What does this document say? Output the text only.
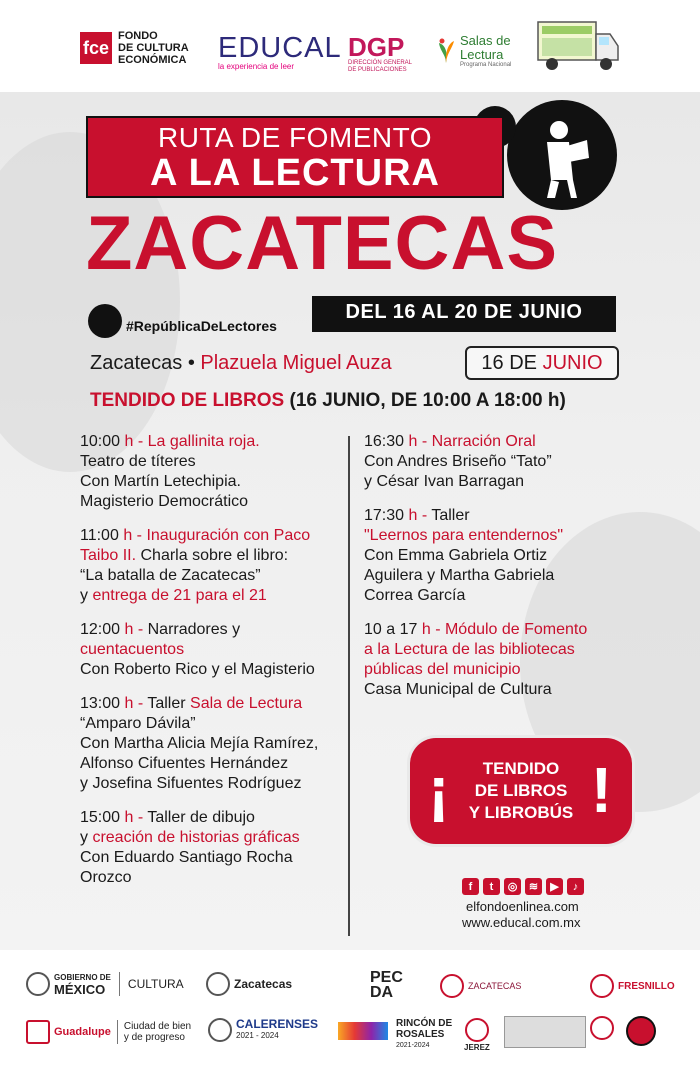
fce
FONDO
DE CULTURA
ECONÓMICA EDUCAL
la experiencia de leer
DGP
DIRECCIÓN GENERAL DE PUBLICACIONES
Salas de
Lectura
Programa Nacional
RUTA DE FOMENTO
A LA LECTURA
ZACATECAS
#RepúblicaDeLectores
DEL 16 AL 20 DE JUNIO
Zacatecas • Plazuela Miguel Auza	16 DE JUNIO
TENDIDO DE LIBROS (16 JUNIO, DE 10:00 A 18:00 h)
10:00 h - La gallinita roja.
Teatro de títeres
Con Martín Letechipia.
Magisterio Democrático
11:00 h - Inauguración con Paco Taibo II. Charla sobre el libro:
“La batalla de Zacatecas”
y entrega de 21 para el 21
12:00 h - Narradores y
cuentacuentos
Con Roberto Rico y el Magisterio
13:00 h - Taller Sala de Lectura
“Amparo Dávila”
Con Martha Alicia Mejía Ramírez,
Alfonso Cifuentes Hernández
y Josefina Sifuentes Rodríguez
15:00 h - Taller de dibujo
y creación de historias gráficas
Con Eduardo Santiago Rocha
Orozco
16:30 h - Narración Oral
Con Andres Briseño “Tato”
y César Ivan Barragan
17:30 h - Taller
"Leernos para entendernos"
Con Emma Gabriela Ortiz
Aguilera y Martha Gabriela
Correa García
10 a 17 h - Módulo de Fomento
a la Lectura de las bibliotecas
públicas del municipio
Casa Municipal de Cultura
¡	TENDIDO
DE LIBROS
Y LIBROBÚS !
f	t	◎	≋	▶	♪
elfondoenlinea.com
www.educal.com.mx
GOBIERNO DE
MÉXICO	CULTURA	Zacatecas	PEC DA	ZACATECAS	FRESNILLO
Guadalupe Ciudad de bien
y de progreso
CALERENSES
2021 - 2024
RINCÓN DE
ROSALES
2021-2024	JEREZ
